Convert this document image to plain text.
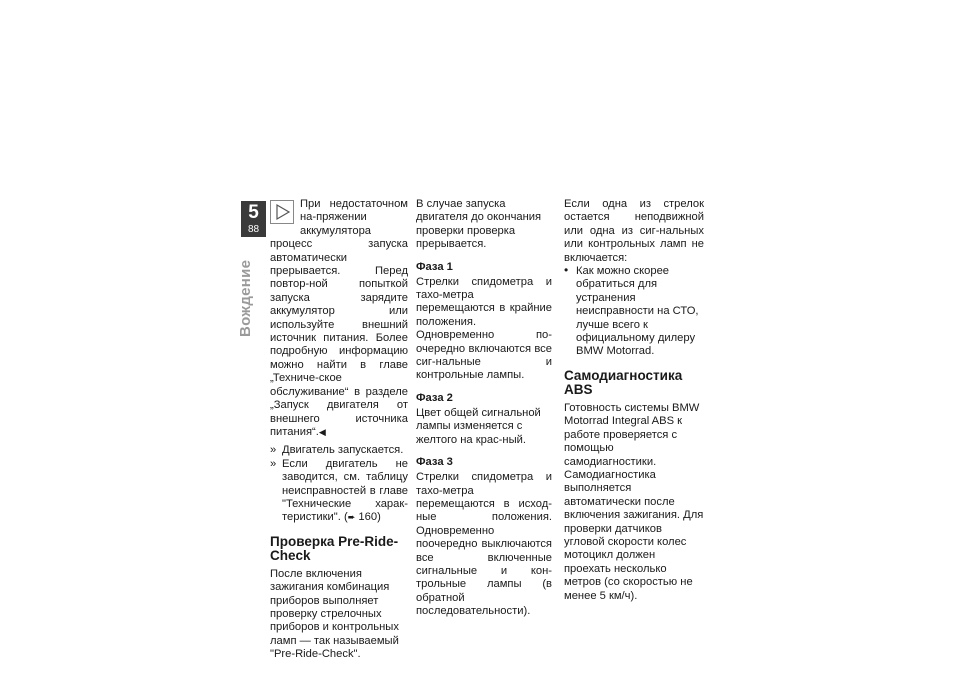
5
88
Вождение

При недостаточном на-пряжении аккумулятора

процесс запуска автоматически прерывается. Перед повтор-ной попыткой запуска зарядите аккумулятор или используйте внешний источник питания. Более подробную информацию можно найти в главе „Техниче-ское обслуживание“ в разделе „Запуск двигателя от внешнего источника питания“.◀

» Двигатель запускается.
» Если двигатель не заводится, см. таблицу неисправностей в главе "Технические харак-теристики". (➨ 160)
Проверка Pre-Ride-Check

После включения зажигания комбинация приборов выполняет проверку стрелочных приборов и контрольных ламп — так называемый "Pre-Ride-Check".

В случае запуска двигателя до окончания проверки проверка прерывается.

Фаза 1

Стрелки спидометра и тахо-метра перемещаются в крайние положения. Одновременно по-очередно включаются все сиг-нальные и контрольные лампы.

Фаза 2

Цвет общей сигнальной лампы изменяется с желтого на крас-ный.

Фаза 3

Стрелки спидометра и тахо-метра перемещаются в исход-ные положения. Одновременно поочередно выключаются все включенные сигнальные и кон-трольные лампы (в обратной последовательности).

Если одна из стрелок остается неподвижной или одна из сиг-нальных или контрольных ламп не включается:

• Как можно скорее обратиться для устранения неисправности на СТО, лучше всего к официальному дилеру BMW Motorrad.
Самодиагностика ABS

Готовность системы BMW Motorrad Integral ABS к работе проверяется с помощью самодиагностики. Самодиагностика выполняется автоматически после включения зажигания. Для проверки датчиков угловой скорости колес мотоцикл должен проехать несколько метров (со скоростью не менее 5 км/ч).
